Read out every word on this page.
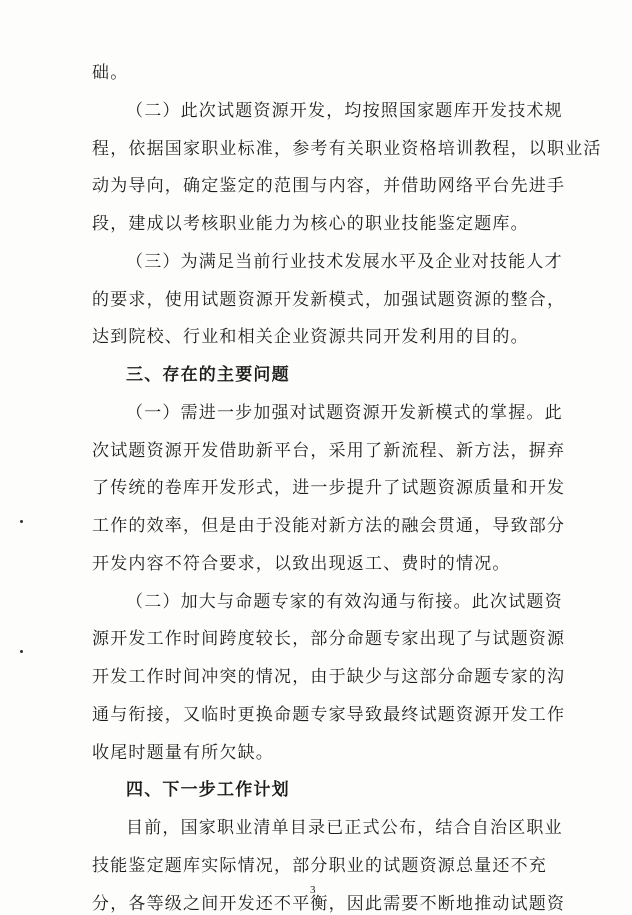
础。
（二）此次试题资源开发，均按照国家题库开发技术规
程，依据国家职业标准，参考有关职业资格培训教程，以职业活
动为导向，确定鉴定的范围与内容，并借助网络平台先进手
段，建成以考核职业能力为核心的职业技能鉴定题库。
（三）为满足当前行业技术发展水平及企业对技能人才
的要求，使用试题资源开发新模式，加强试题资源的整合，
达到院校、行业和相关企业资源共同开发利用的目的。
三、存在的主要问题
（一）需进一步加强对试题资源开发新模式的掌握。此
次试题资源开发借助新平台，采用了新流程、新方法，摒弃
了传统的卷库开发形式，进一步提升了试题资源质量和开发
工作的效率，但是由于没能对新方法的融会贯通，导致部分
开发内容不符合要求，以致出现返工、费时的情况。
（二）加大与命题专家的有效沟通与衔接。此次试题资
源开发工作时间跨度较长，部分命题专家出现了与试题资源
开发工作时间冲突的情况，由于缺少与这部分命题专家的沟
通与衔接，又临时更换命题专家导致最终试题资源开发工作
收尾时题量有所欠缺。
四、下一步工作计划
目前，国家职业清单目录已正式公布，结合自治区职业
技能鉴定题库实际情况，部分职业的试题资源总量还不充
分，各等级之间开发还不平衡，因此需要不断地推动试题资
3
